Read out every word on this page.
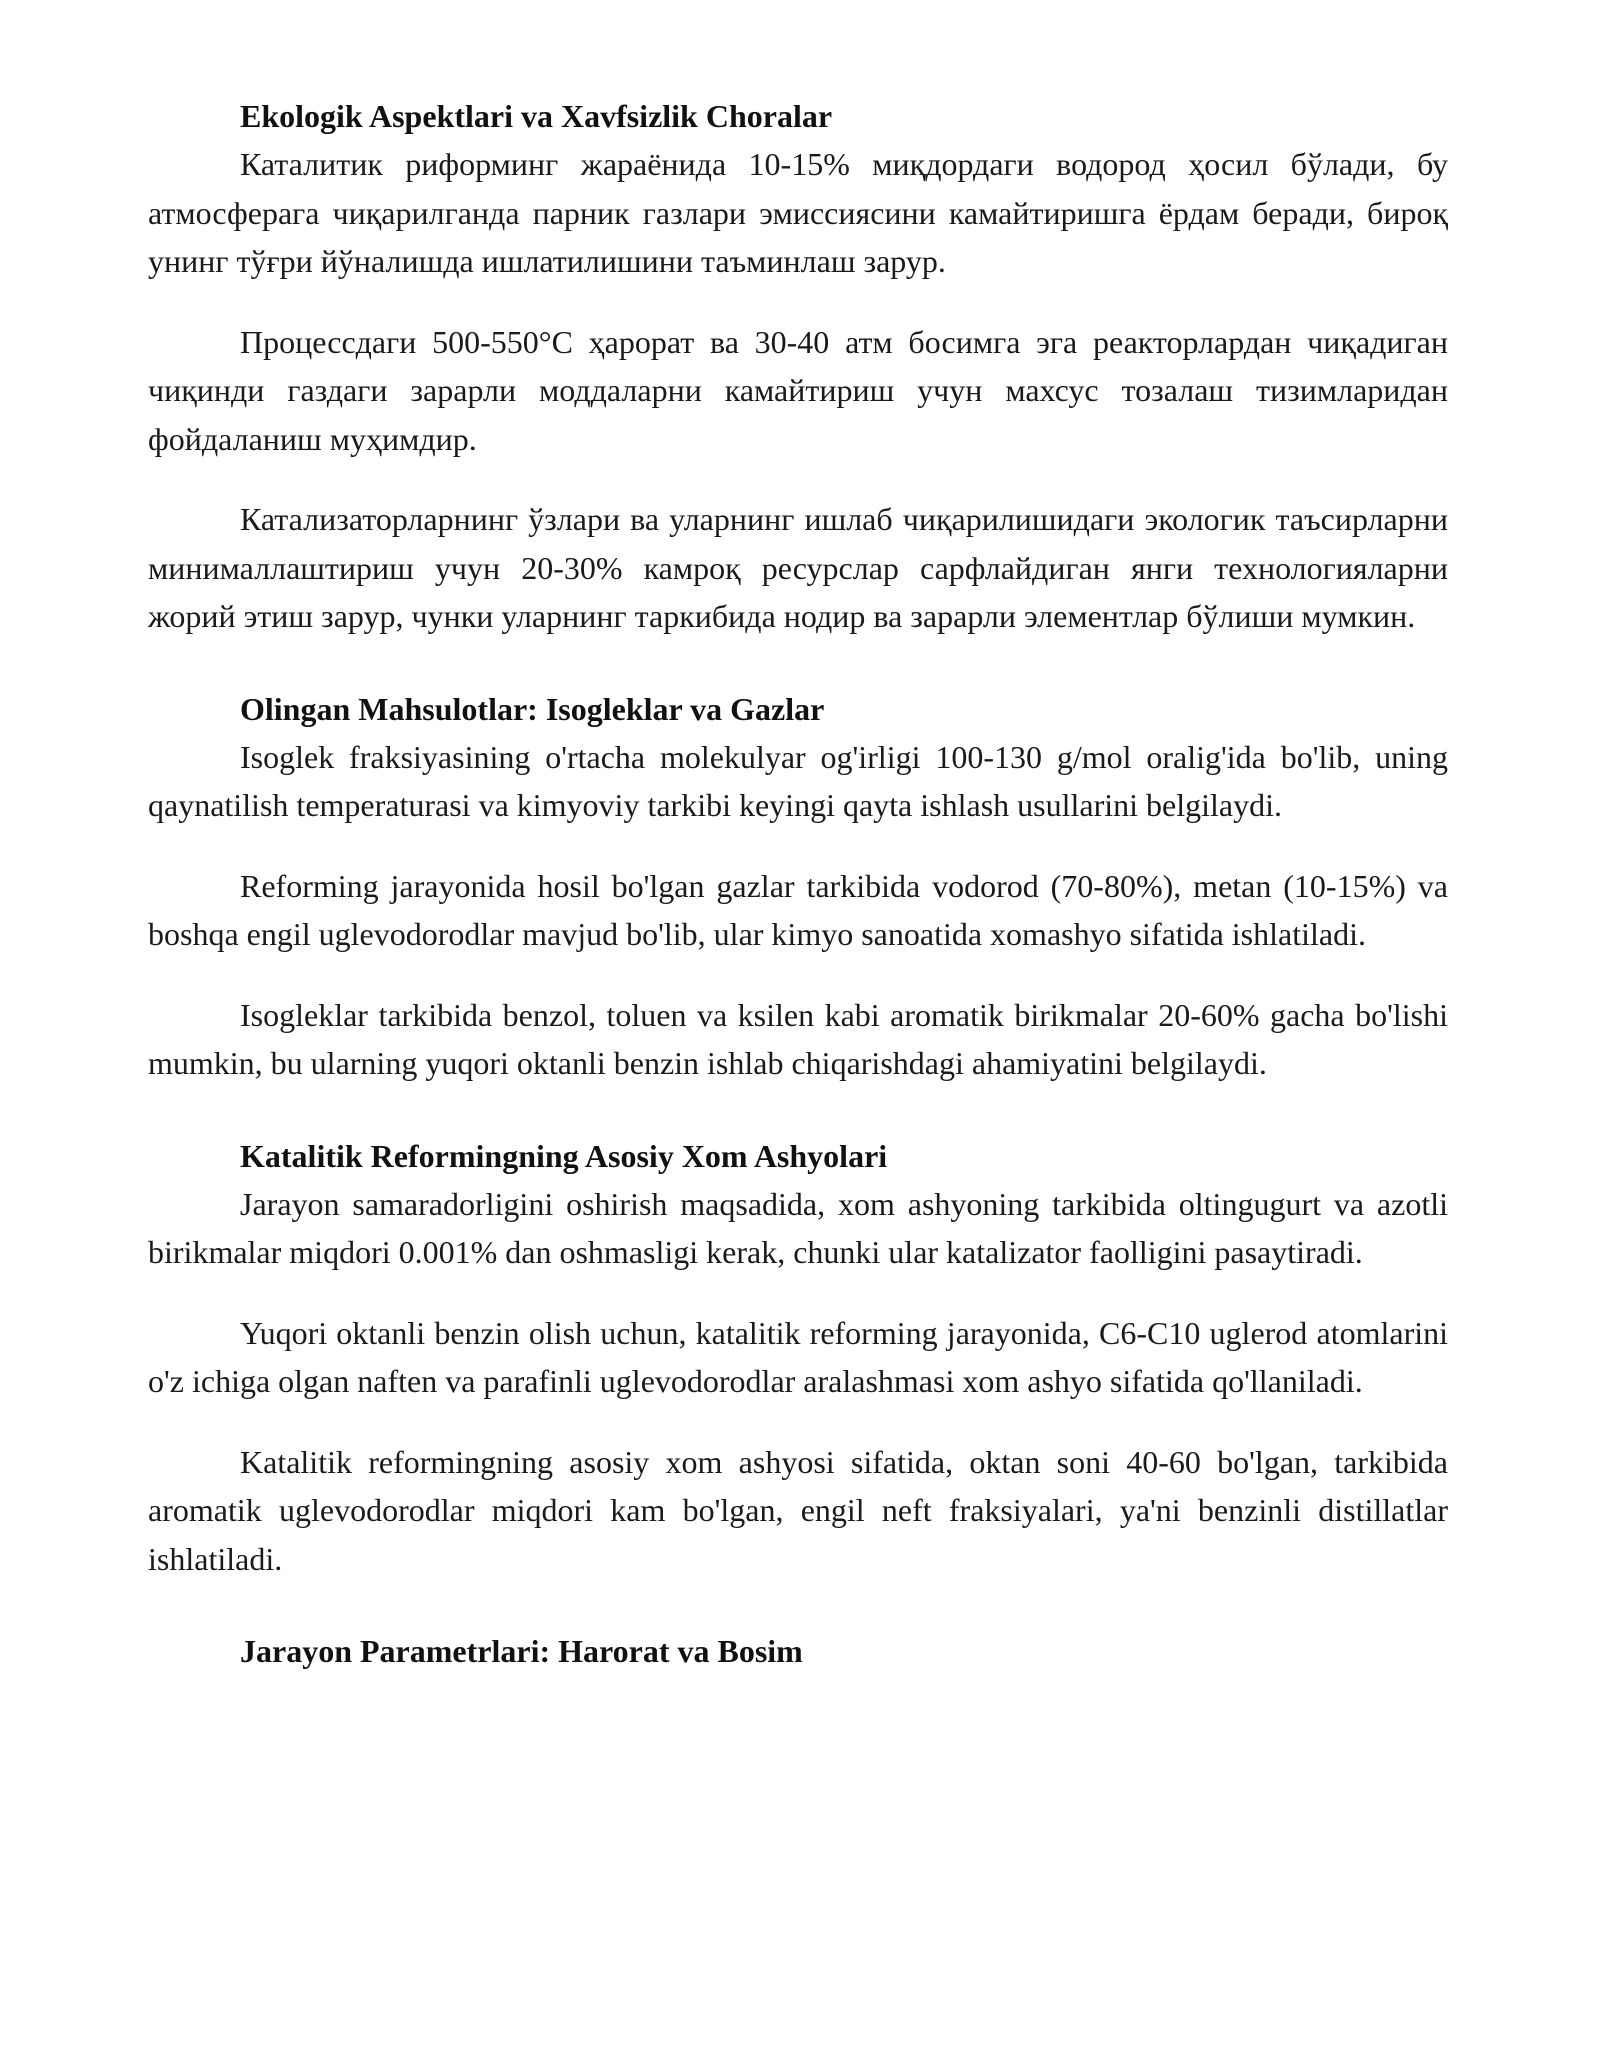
Ekologik Aspektlari va Xavfsizlik Choralar

Каталитик риформинг жараёнида 10-15% миқдордаги водород ҳосил бўлади, бу атмосферага чиқарилганда парник газлари эмиссиясини камайтиришга ёрдам беради, бироқ унинг тўғри йўналишда ишлатилишини таъминлаш зарур.

Процессдаги 500-550°С ҳарорат ва 30-40 атм босимга эга реакторлардан чиқадиган чиқинди газдаги зарарли моддаларни камайтириш учун махсус тозалаш тизимларидан фойдаланиш муҳимдир.

Катализаторларнинг ўзлари ва уларнинг ишлаб чиқарилишидаги экологик таъсирларни минималлаштириш учун 20-30% камроқ ресурслар сарфлайдиган янги технологияларни жорий этиш зарур, чунки уларнинг таркибида нодир ва зарарли элементлар бўлиши мумкин.

Olingan Mahsulotlar: Isogleklar va Gazlar

Isoglek fraksiyasining o'rtacha molekulyar og'irligi 100-130 g/mol oralig'ida bo'lib, uning qaynatilish temperaturasi va kimyoviy tarkibi keyingi qayta ishlash usullarini belgilaydi.

Reforming jarayonida hosil bo'lgan gazlar tarkibida vodorod (70-80%), metan (10-15%) va boshqa engil uglevodorodlar mavjud bo'lib, ular kimyo sanoatida xomashyo sifatida ishlatiladi.

Isogleklar tarkibida benzol, toluen va ksilen kabi aromatik birikmalar 20-60% gacha bo'lishi mumkin, bu ularning yuqori oktanli benzin ishlab chiqarishdagi ahamiyatini belgilaydi.

Katalitik Reformingning Asosiy Xom Ashyolari

Jarayon samaradorligini oshirish maqsadida, xom ashyoning tarkibida oltingugurt va azotli birikmalar miqdori 0.001% dan oshmasligi kerak, chunki ular katalizator faolligini pasaytiradi.

Yuqori oktanli benzin olish uchun, katalitik reforming jarayonida, C6-C10 uglerod atomlarini o'z ichiga olgan naften va parafinli uglevodorodlar aralashmasi xom ashyo sifatida qo'llaniladi.

Katalitik reformingning asosiy xom ashyosi sifatida, oktan soni 40-60 bo'lgan, tarkibida aromatik uglevodorodlar miqdori kam bo'lgan, engil neft fraksiyalari, ya'ni benzinli distillatlar ishlatiladi.

Jarayon Parametrlari: Harorat va Bosim
